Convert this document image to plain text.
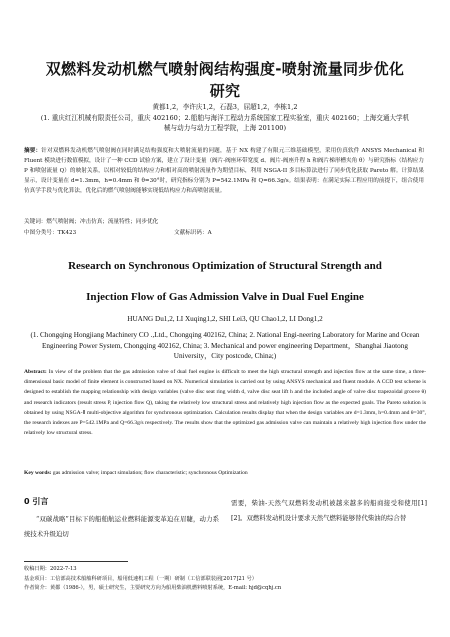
双燃料发动机燃气喷射阀结构强度-喷射流量同步优化研究
黄都1,2，李许庆1,2，石磊3，屈超1,2，李栋1,2
(1. 重庆红江机械有限责任公司，重庆 402160；2.船舶与海洋工程动力系统国家工程实验室，重庆 402160；上海交通大学机械与动力与动力工程学院，上海 201100)
摘要：针对双燃料发动机燃气喷射阀在同时满足结构强度和大喷射流量的问题，基于 NX 构建了有限元三维基础模型，采用仿真软件 ANSYS Mechanical 和 Fluent 模块进行数值模拟，设计了一种 CCD 试验方案，建立了设计变量（阀片-阀座环带宽度 d、阀片-阀座升程 h 和阀片梯形槽夹角 θ）与研究指标（结构应力 P 和喷射流量 Q）的映射关系，以相对较低的结构应力和相对高的喷射流量作为期望目标，利用 NSGA-II 多目标算法进行了同步优化获取 Pareto 解。计算结果显示，设计变量在 d=1.3mm，h=0.4mm 和 θ=30°时，研究指标分别为 P=542.1MPa 和 Q=66.3g/s。结果表明：在满足实际工程应用的前提下，组合使用仿真学手段与优化算法，优化后的燃气喷射阀能够实现低结构应力和高喷射流量。
关键词：燃气喷射阀；冲击仿真；流量特性；同步优化
中图分类号：TK423	文献标识码：A
Research on Synchronous Optimization of Structural Strength and
Injection Flow of Gas Admission Valve in Dual Fuel Engine
HUANG Du1,2, LI Xuqing1,2, SHI Lei3, QU Chao1,2, LI Dong1,2
(1. Chongqing Hongjiang Machinery CO .,Ltd., Chongqing 402162, China; 2. National Engi-neering Laboratory for Marine and Ocean Engineering Power System, Chongqing 402162, China; 3. Mechanical and power engineering Department，Shanghai Jiaotong University，City postcode, China;)
Abstract: In view of the problem that the gas admission valve of dual fuel engine is difficult to meet the high structural strength and injection flow at the same time, a three-dimensional basic model of finite element is constructed based on NX. Numerical simulation is carried out by using ANSYS mechanical and fluent module. A CCD test scheme is designed to establish the mapping relationship with design variables (valve disc seat ring width d, valve disc seat lift h and the included angle of valve disc trapezoidal groove θ) and research indicators (result stress P, injection flow Q), taking the relatively low structural stress and relatively high injection flow as the expected goals. The Pareto solution is obtained by using NSGA-Ⅱ multi-objective algorithm for synchronous optimization. Calculation results display that when the design variables are d=1.3mm, h=0.4mm and θ=30°, the research indexes are P=542.1MPa and Q=66.3g/s respectively. The results show that the optimized gas admission valve can maintain a relatively high injection flow under the relatively low structural stress.
Key words: gas admission valve; impact simulation; flow characteristic; synchronous Optimization
0 引言
“双碳战略”目标下的船舶航运业燃料能源变革迫在眉睫，动力系统技术升级迫切
需要，柴油-天然气双燃料发动机被越来越多的船商接受和使用[1][2]。双燃料发动机设计要求天然气燃料能够替代柴油的综合替
收稿日期：2022-7-13
基金项目：工信部高技术船舶科研项目，船用低速机工程（一期）研制（工信部联装函[2017]21 号）
作者简介：黄都（1986-），男，硕士研究生，主要研究方向为船用柴油机燃料喷射系统，E-mail: hjd@cqhj.cn
